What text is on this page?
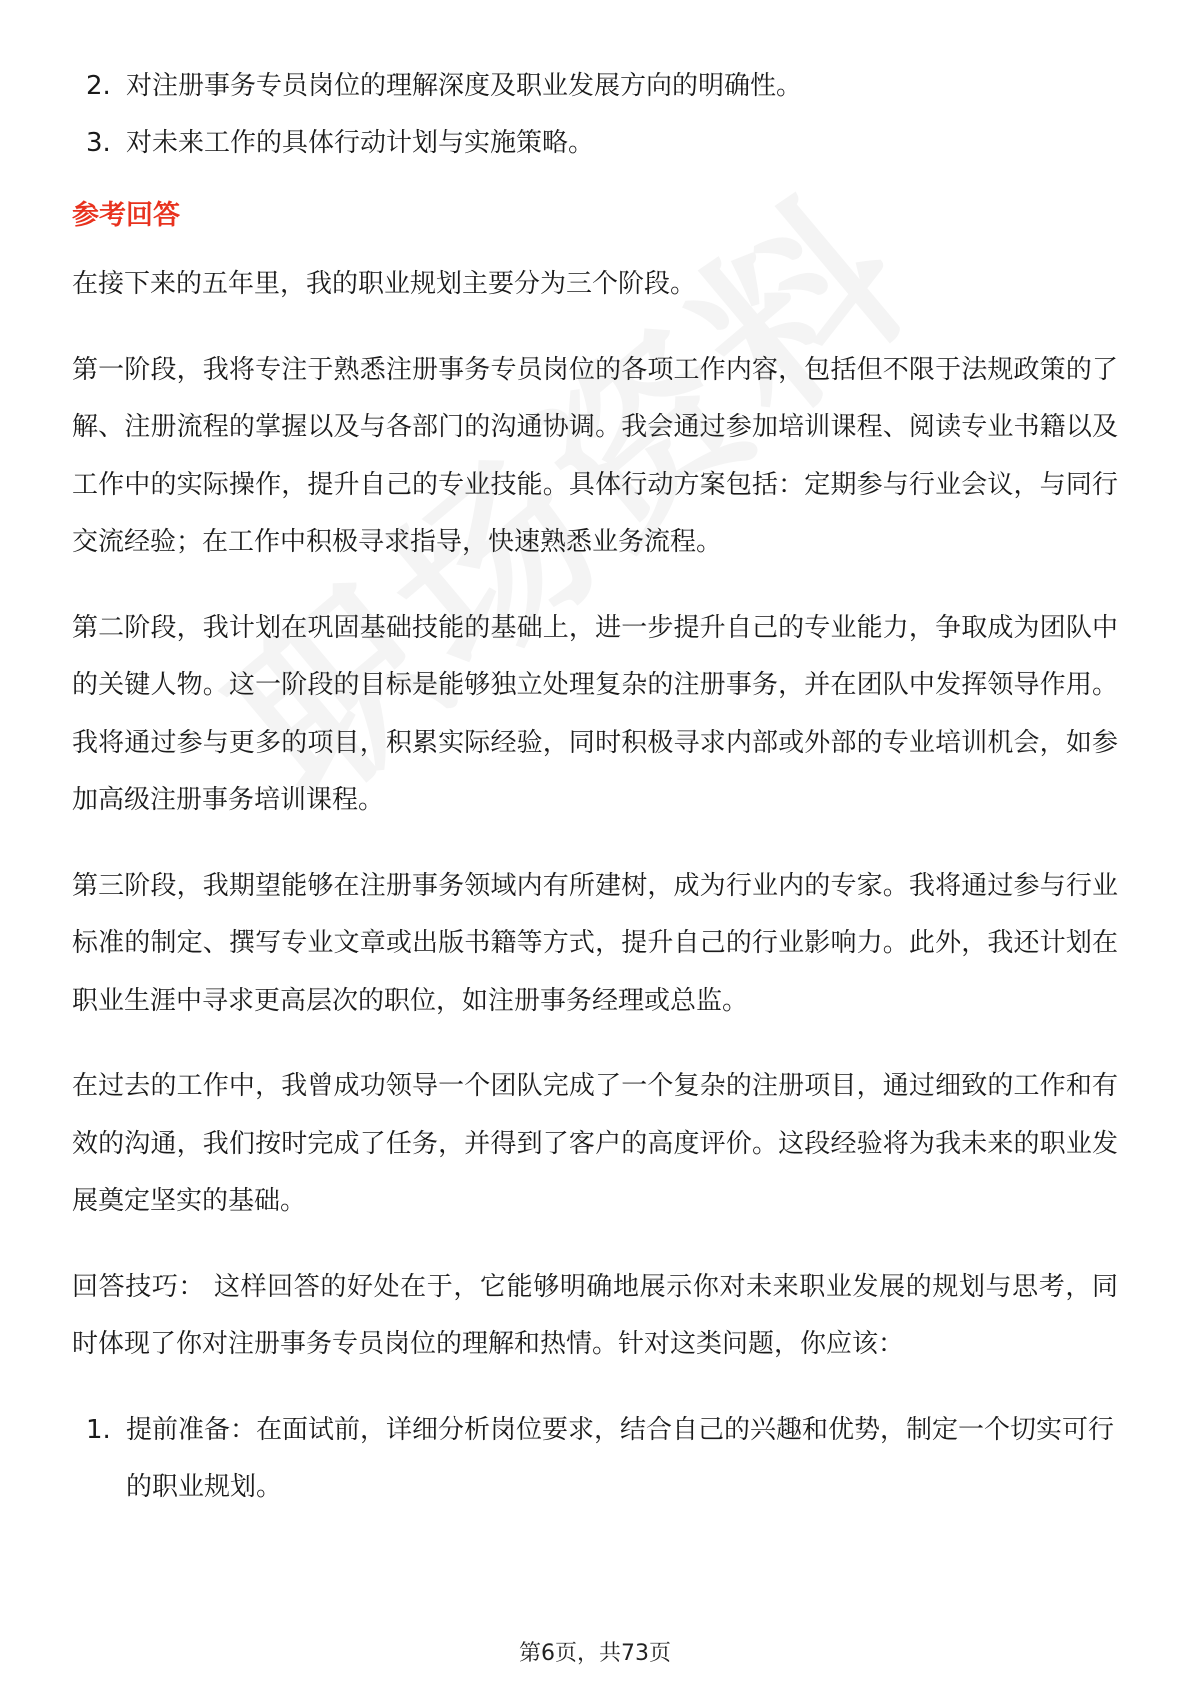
2. 对注册事务专员岗位的理解深度及职业发展方向的明确性。
3. 对未来工作的具体行动计划与实施策略。
参考回答

在接下来的五年里，我的职业规划主要分为三个阶段。

第一阶段，我将专注于熟悉注册事务专员岗位的各项工作内容，包括但不限于法规政策的了解、注册流程的掌握以及与各部门的沟通协调。我会通过参加培训课程、阅读专业书籍以及工作中的实际操作，提升自己的专业技能。具体行动方案包括：定期参与行业会议，与同行交流经验；在工作中积极寻求指导，快速熟悉业务流程。

第二阶段，我计划在巩固基础技能的基础上，进一步提升自己的专业能力，争取成为团队中的关键人物。这一阶段的目标是能够独立处理复杂的注册事务，并在团队中发挥领导作用。我将通过参与更多的项目，积累实际经验，同时积极寻求内部或外部的专业培训机会，如参加高级注册事务培训课程。

第三阶段，我期望能够在注册事务领域内有所建树，成为行业内的专家。我将通过参与行业标准的制定、撰写专业文章或出版书籍等方式，提升自己的行业影响力。此外，我还计划在职业生涯中寻求更高层次的职位，如注册事务经理或总监。

在过去的工作中，我曾成功领导一个团队完成了一个复杂的注册项目，通过细致的工作和有效的沟通，我们按时完成了任务，并得到了客户的高度评价。这段经验将为我未来的职业发展奠定坚实的基础。

回答技巧： 这样回答的好处在于，它能够明确地展示你对未来职业发展的规划与思考，同时体现了你对注册事务专员岗位的理解和热情。针对这类问题，你应该：

1. 提前准备：在面试前，详细分析岗位要求，结合自己的兴趣和优势，制定一个切实可行的职业规划。
第6页，共73页
